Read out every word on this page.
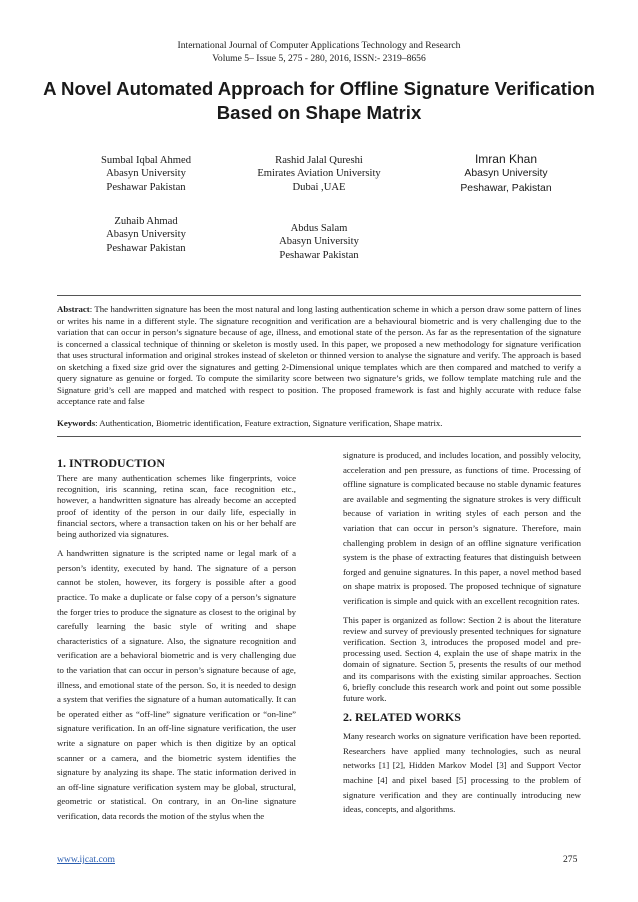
International Journal of Computer Applications Technology and Research
Volume 5– Issue 5, 275 - 280, 2016, ISSN:- 2319–8656
A Novel Automated Approach for Offline Signature Verification Based on Shape Matrix
Sumbal Iqbal Ahmed
Abasyn University
Peshawar Pakistan
Rashid Jalal Qureshi
Emirates Aviation University
Dubai ,UAE
Imran Khan
Abasyn University
Peshawar, Pakistan
Zuhaib Ahmad
Abasyn University
Peshawar Pakistan
Abdus Salam
Abasyn University
Peshawar Pakistan
Abstract: The handwritten signature has been the most natural and long lasting authentication scheme in which a person draw some pattern of lines or writes his name in a different style. The signature recognition and verification are a behavioural biometric and is very challenging due to the variation that can occur in person’s signature because of age, illness, and emotional state of the person. As far as the representation of the signature is concerned a classical technique of thinning or skeleton is mostly used. In this paper, we proposed a new methodology for signature verification that uses structural information and original strokes instead of skeleton or thinned version to analyse the signature and verify. The approach is based on sketching a fixed size grid over the signatures and getting 2-Dimensional unique templates which are then compared and matched to verify a query signature as genuine or forged. To compute the similarity score between two signature’s grids, we follow template matching rule and the Signature grid’s cell are mapped and matched with respect to position. The proposed framework is fast and highly accurate with reduce false acceptance rate and false
Keywords: Authentication, Biometric identification, Feature extraction, Signature verification, Shape matrix.
1. INTRODUCTION

There are many authentication schemes like fingerprints, voice recognition, iris scanning, retina scan, face recognition etc., however, a handwritten signature has already become an accepted proof of identity of the person in our daily life, especially in financial sectors, where a transaction taken on his or her behalf are being authorized via signatures.

A handwritten signature is the scripted name or legal mark of a person’s identity, executed by hand. The signature of a person cannot be stolen, however, its forgery is possible after a good practice. To make a duplicate or false copy of a person’s signature the forger tries to produce the signature as closest to the original by carefully learning the basic style of writing and shape characteristics of a signature. Also, the signature recognition and verification are a behavioral biometric and is very challenging due to the variation that can occur in person’s signature because of age, illness, and emotional state of the person. So, it is needed to design a system that verifies the signature of a human automatically. It can be operated either as “off-line” signature verification or “on-line” signature verification. In an off-line signature verification, the user write a signature on paper which is then digitize by an optical scanner or a camera, and the biometric system identifies the signature by analyzing its shape. The static information derived in an off-line signature verification system may be global, structural, geometric or statistical. On contrary, in an On-line signature verification, data records the motion of the stylus when the

signature is produced, and includes location, and possibly velocity, acceleration and pen pressure, as functions of time. Processing of offline signature is complicated because no stable dynamic features are available and segmenting the signature strokes is very difficult because of variation in writing styles of each person and the variation that can occur in person’s signature. Therefore, main challenging problem in design of an offline signature verification system is the phase of extracting features that distinguish between forged and genuine signatures. In this paper, a novel method based on shape matrix is proposed. The proposed technique of signature verification is simple and quick with an excellent recognition rates.

This paper is organized as follow: Section 2 is about the literature review and survey of previously presented techniques for signature verification. Section 3, introduces the proposed model and pre-processing used. Section 4, explain the use of shape matrix in the domain of signature. Section 5, presents the results of our method and its comparisons with the existing similar approaches. Section 6, briefly conclude this research work and point out some possible future work.

2. RELATED WORKS

Many research works on signature verification have been reported. Researchers have applied many technologies, such as neural networks [1] [2], Hidden Markov Model [3] and Support Vector machine [4] and pixel based [5] processing to the problem of signature verification and they are continually introducing new ideas, concepts, and algorithms.

www.ijcat.com	275
